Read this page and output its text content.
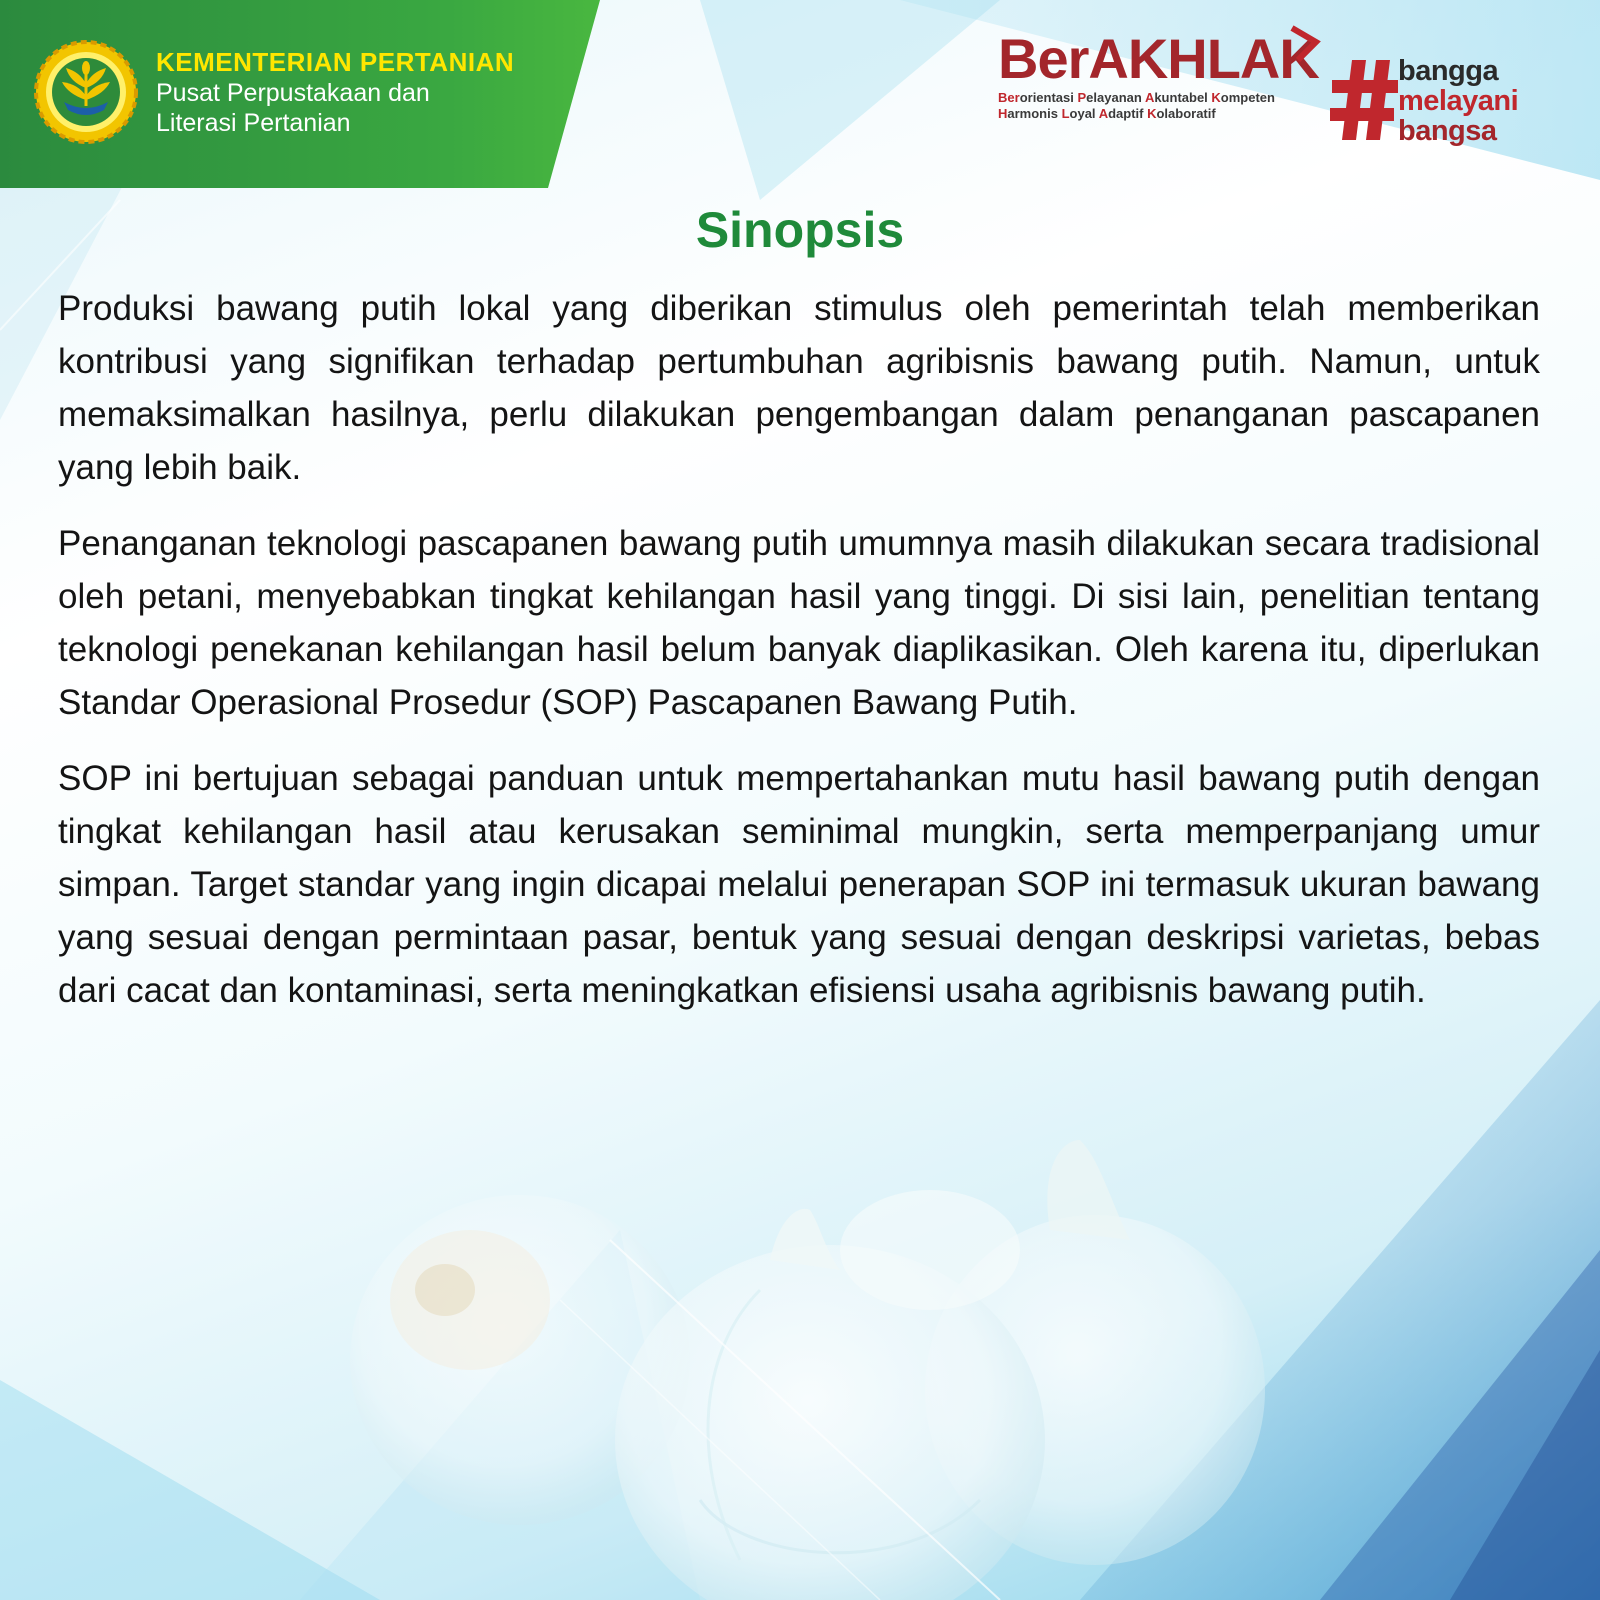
KEMENTERIAN PERTANIAN
Pusat Perpustakaan dan
Literasi Pertanian
BerAKHLAK
Berorientasi Pelayanan Akuntabel Kompeten
Harmonis Loyal Adaptif Kolaboratif
bangga
melayani
bangsa
Sinopsis

Produksi bawang putih lokal yang diberikan stimulus oleh pemerintah telah memberikan kontribusi yang signifikan terhadap pertumbuhan agribisnis bawang putih. Namun, untuk memaksimalkan hasilnya, perlu dilakukan pengembangan dalam penanganan pascapanen yang lebih baik.

Penanganan teknologi pascapanen bawang putih umumnya masih dilakukan secara tradisional oleh petani, menyebabkan tingkat kehilangan hasil yang tinggi. Di sisi lain, penelitian tentang teknologi penekanan kehilangan hasil belum banyak diaplikasikan. Oleh karena itu, diperlukan Standar Operasional Prosedur (SOP) Pascapanen Bawang Putih.

SOP ini bertujuan sebagai panduan untuk mempertahankan mutu hasil bawang putih dengan tingkat kehilangan hasil atau kerusakan seminimal mungkin, serta memperpanjang umur simpan. Target standar yang ingin dicapai melalui penerapan SOP ini termasuk ukuran bawang yang sesuai dengan permintaan pasar, bentuk yang sesuai dengan deskripsi varietas, bebas dari cacat dan kontaminasi, serta meningkatkan efisiensi usaha agribisnis bawang putih.
